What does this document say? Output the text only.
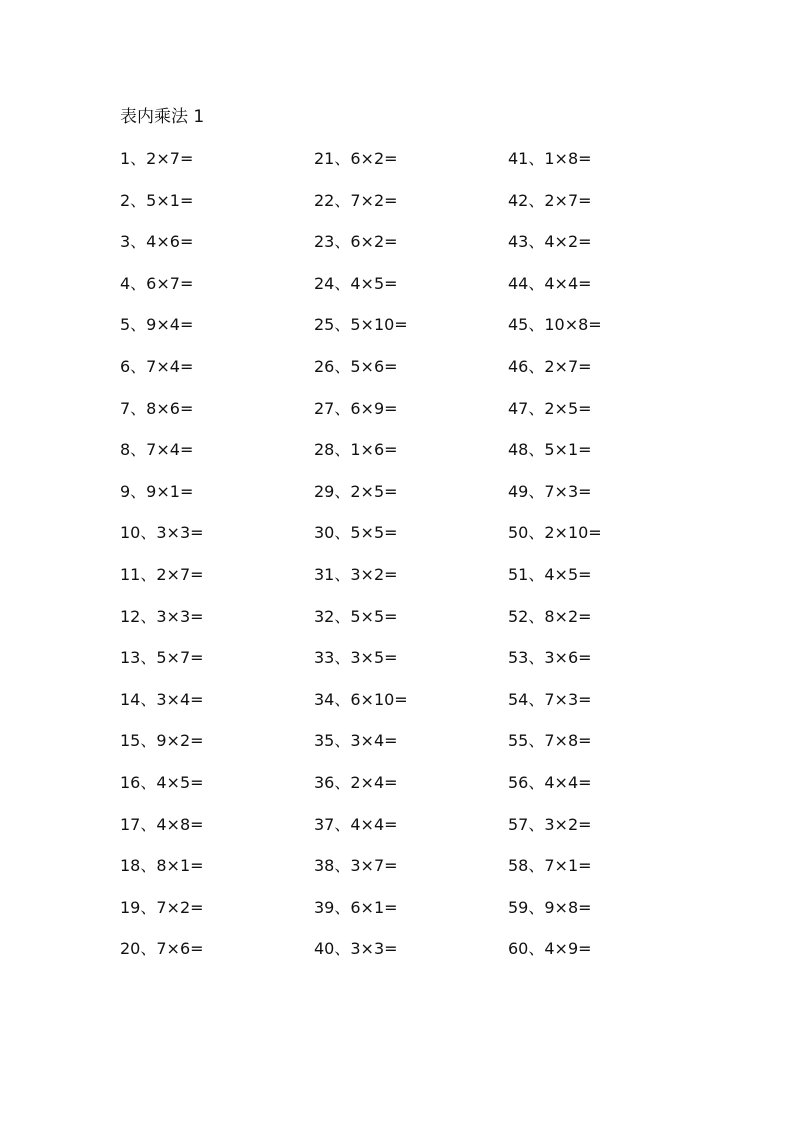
表内乘法 1
1、2×7=
2、5×1=
3、4×6=
4、6×7=
5、9×4=
6、7×4=
7、8×6=
8、7×4=
9、9×1=
10、3×3=
11、2×7=
12、3×3=
13、5×7=
14、3×4=
15、9×2=
16、4×5=
17、4×8=
18、8×1=
19、7×2=
20、7×6=
21、6×2=
22、7×2=
23、6×2=
24、4×5=
25、5×10=
26、5×6=
27、6×9=
28、1×6=
29、2×5=
30、5×5=
31、3×2=
32、5×5=
33、3×5=
34、6×10=
35、3×4=
36、2×4=
37、4×4=
38、3×7=
39、6×1=
40、3×3=
41、1×8=
42、2×7=
43、4×2=
44、4×4=
45、10×8=
46、2×7=
47、2×5=
48、5×1=
49、7×3=
50、2×10=
51、4×5=
52、8×2=
53、3×6=
54、7×3=
55、7×8=
56、4×4=
57、3×2=
58、7×1=
59、9×8=
60、4×9=
